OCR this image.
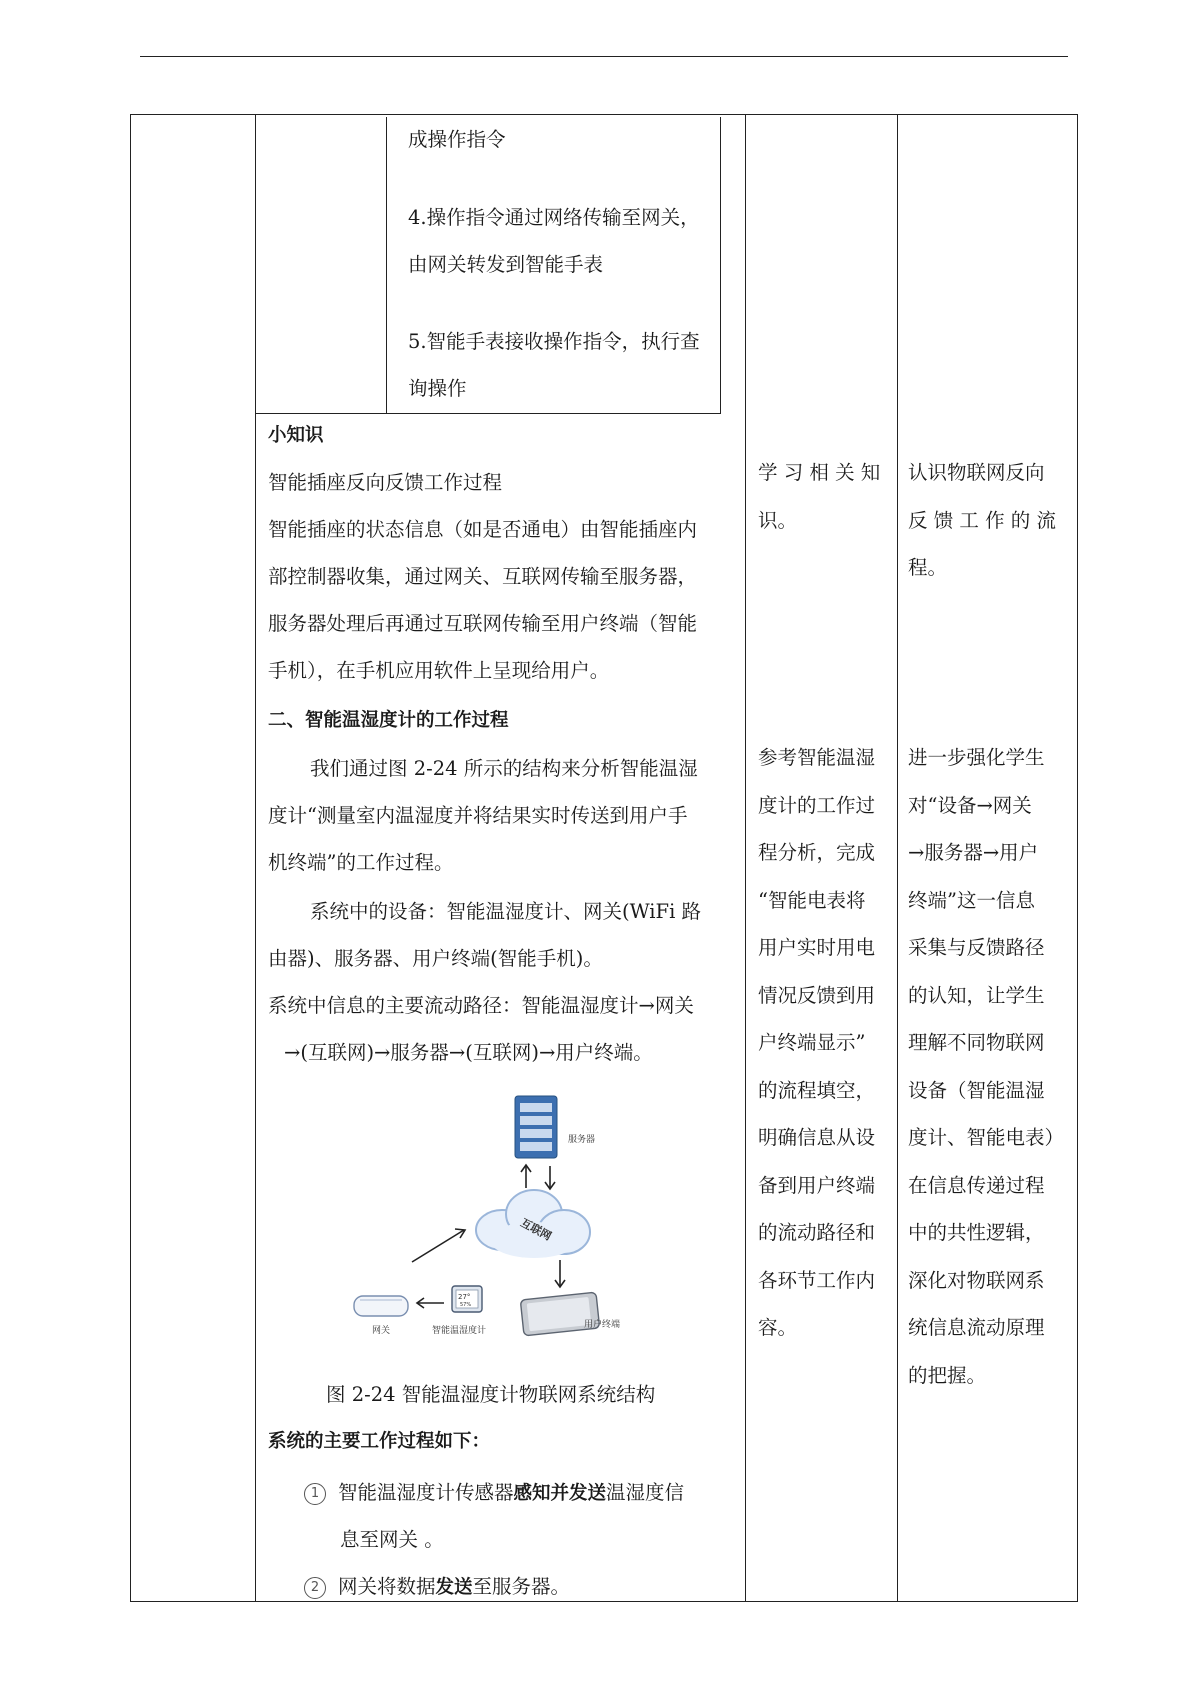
成操作指令
4.操作指令通过网络传输至网关，
由网关转发到智能手表
5.智能手表接收操作指令，执行查
询操作
小知识
智能插座反向反馈工作过程
智能插座的状态信息（如是否通电）由智能插座内
部控制器收集，通过网关、互联网传输至服务器，
服务器处理后再通过互联网传输至用户终端（智能
手机），在手机应用软件上呈现给用户。
二、智能温湿度计的工作过程
我们通过图 2-24 所示的结构来分析智能温湿
度计“测量室内温湿度并将结果实时传送到用户手
机终端”的工作过程。
系统中的设备：智能温湿度计、网关(WiFi 路
由器)、服务器、用户终端(智能手机)。
系统中信息的主要流动路径：智能温湿度计→网关
→(互联网)→服务器→(互联网)→用户终端。
服务器
互联网
网关
27°
57%
智能温湿度计
用户终端
图 2-24 智能温湿度计物联网系统结构
系统的主要工作过程如下：
1 智能温湿度计传感器感知并发送温湿度信
息至网关 。
2 网关将数据发送至服务器。
学 习 相 关 知
识。
参考智能温湿
度计的工作过
程分析，完成
“智能电表将
用户实时用电
情况反馈到用
户终端显示”
的流程填空，
明确信息从设
备到用户终端
的流动路径和
各环节工作内
容。
认识物联网反向
反 馈 工 作 的 流
程。
进一步强化学生
对“设备→网关
→服务器→用户
终端”这一信息
采集与反馈路径
的认知，让学生
理解不同物联网
设备（智能温湿
度计、智能电表）
在信息传递过程
中的共性逻辑，
深化对物联网系
统信息流动原理
的把握。
